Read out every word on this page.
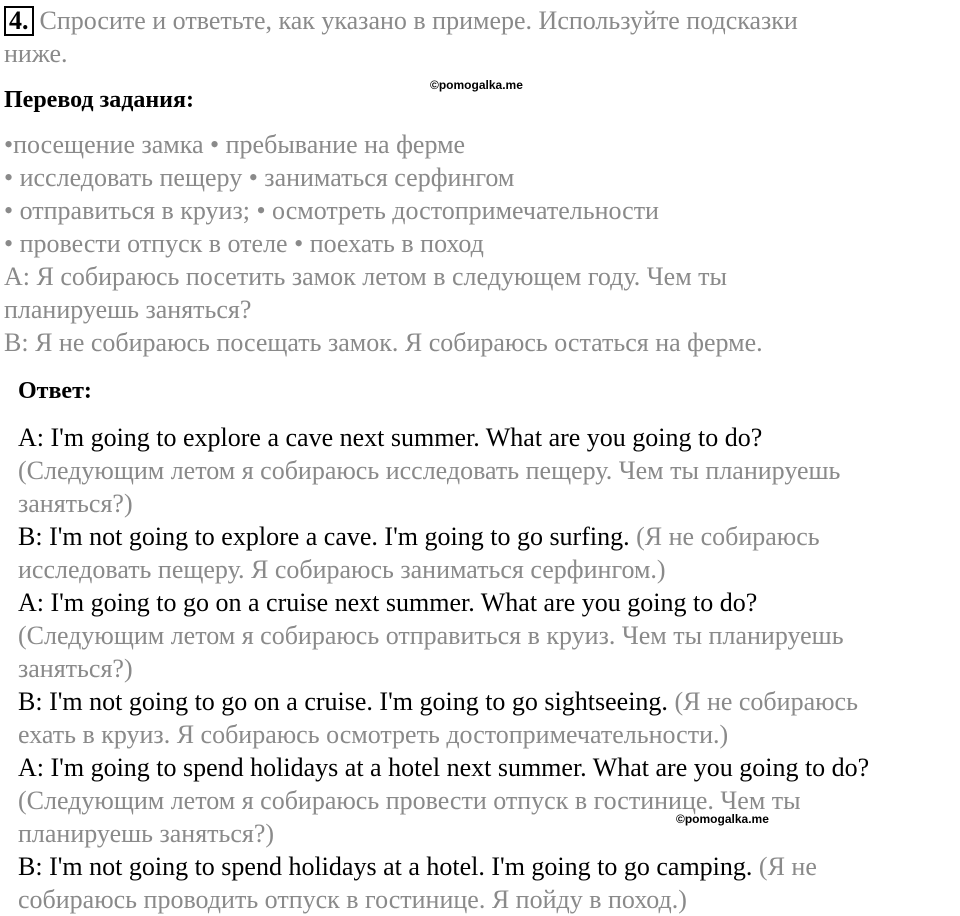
4. Спросите и ответьте, как указано в примере. Используйте подсказки
ниже.
©pomogalka.me
Перевод задания:
•посещение замка • пребывание на ферме
• исследовать пещеру • заниматься серфингом
• отправиться в круиз; • осмотреть достопримечательности
• провести отпуск в отеле • поехать в поход
А: Я собираюсь посетить замок летом в следующем году. Чем ты
планируешь заняться?
В: Я не собираюсь посещать замок. Я собираюсь остаться на ферме.
Ответ:
A: I'm going to explore a cave next summer. What are you going to do?
(Следующим летом я собираюсь исследовать пещеру. Чем ты планируешь
заняться?)
B: I'm not going to explore a cave. I'm going to go surfing. (Я не собираюсь
исследовать пещеру. Я собираюсь заниматься серфингом.)
A: I'm going to go on a cruise next summer. What are you going to do?
(Следующим летом я собираюсь отправиться в круиз. Чем ты планируешь
заняться?)
B: I'm not going to go on a cruise. I'm going to go sightseeing. (Я не собираюсь
ехать в круиз. Я собираюсь осмотреть достопримечательности.)
A: I'm going to spend holidays at a hotel next summer. What are you going to do?
(Следующим летом я собираюсь провести отпуск в гостинице. Чем ты
планируешь заняться?)	©pomogalka.me
B: I'm not going to spend holidays at a hotel. I'm going to go camping. (Я не
собираюсь проводить отпуск в гостинице. Я пойду в поход.)
